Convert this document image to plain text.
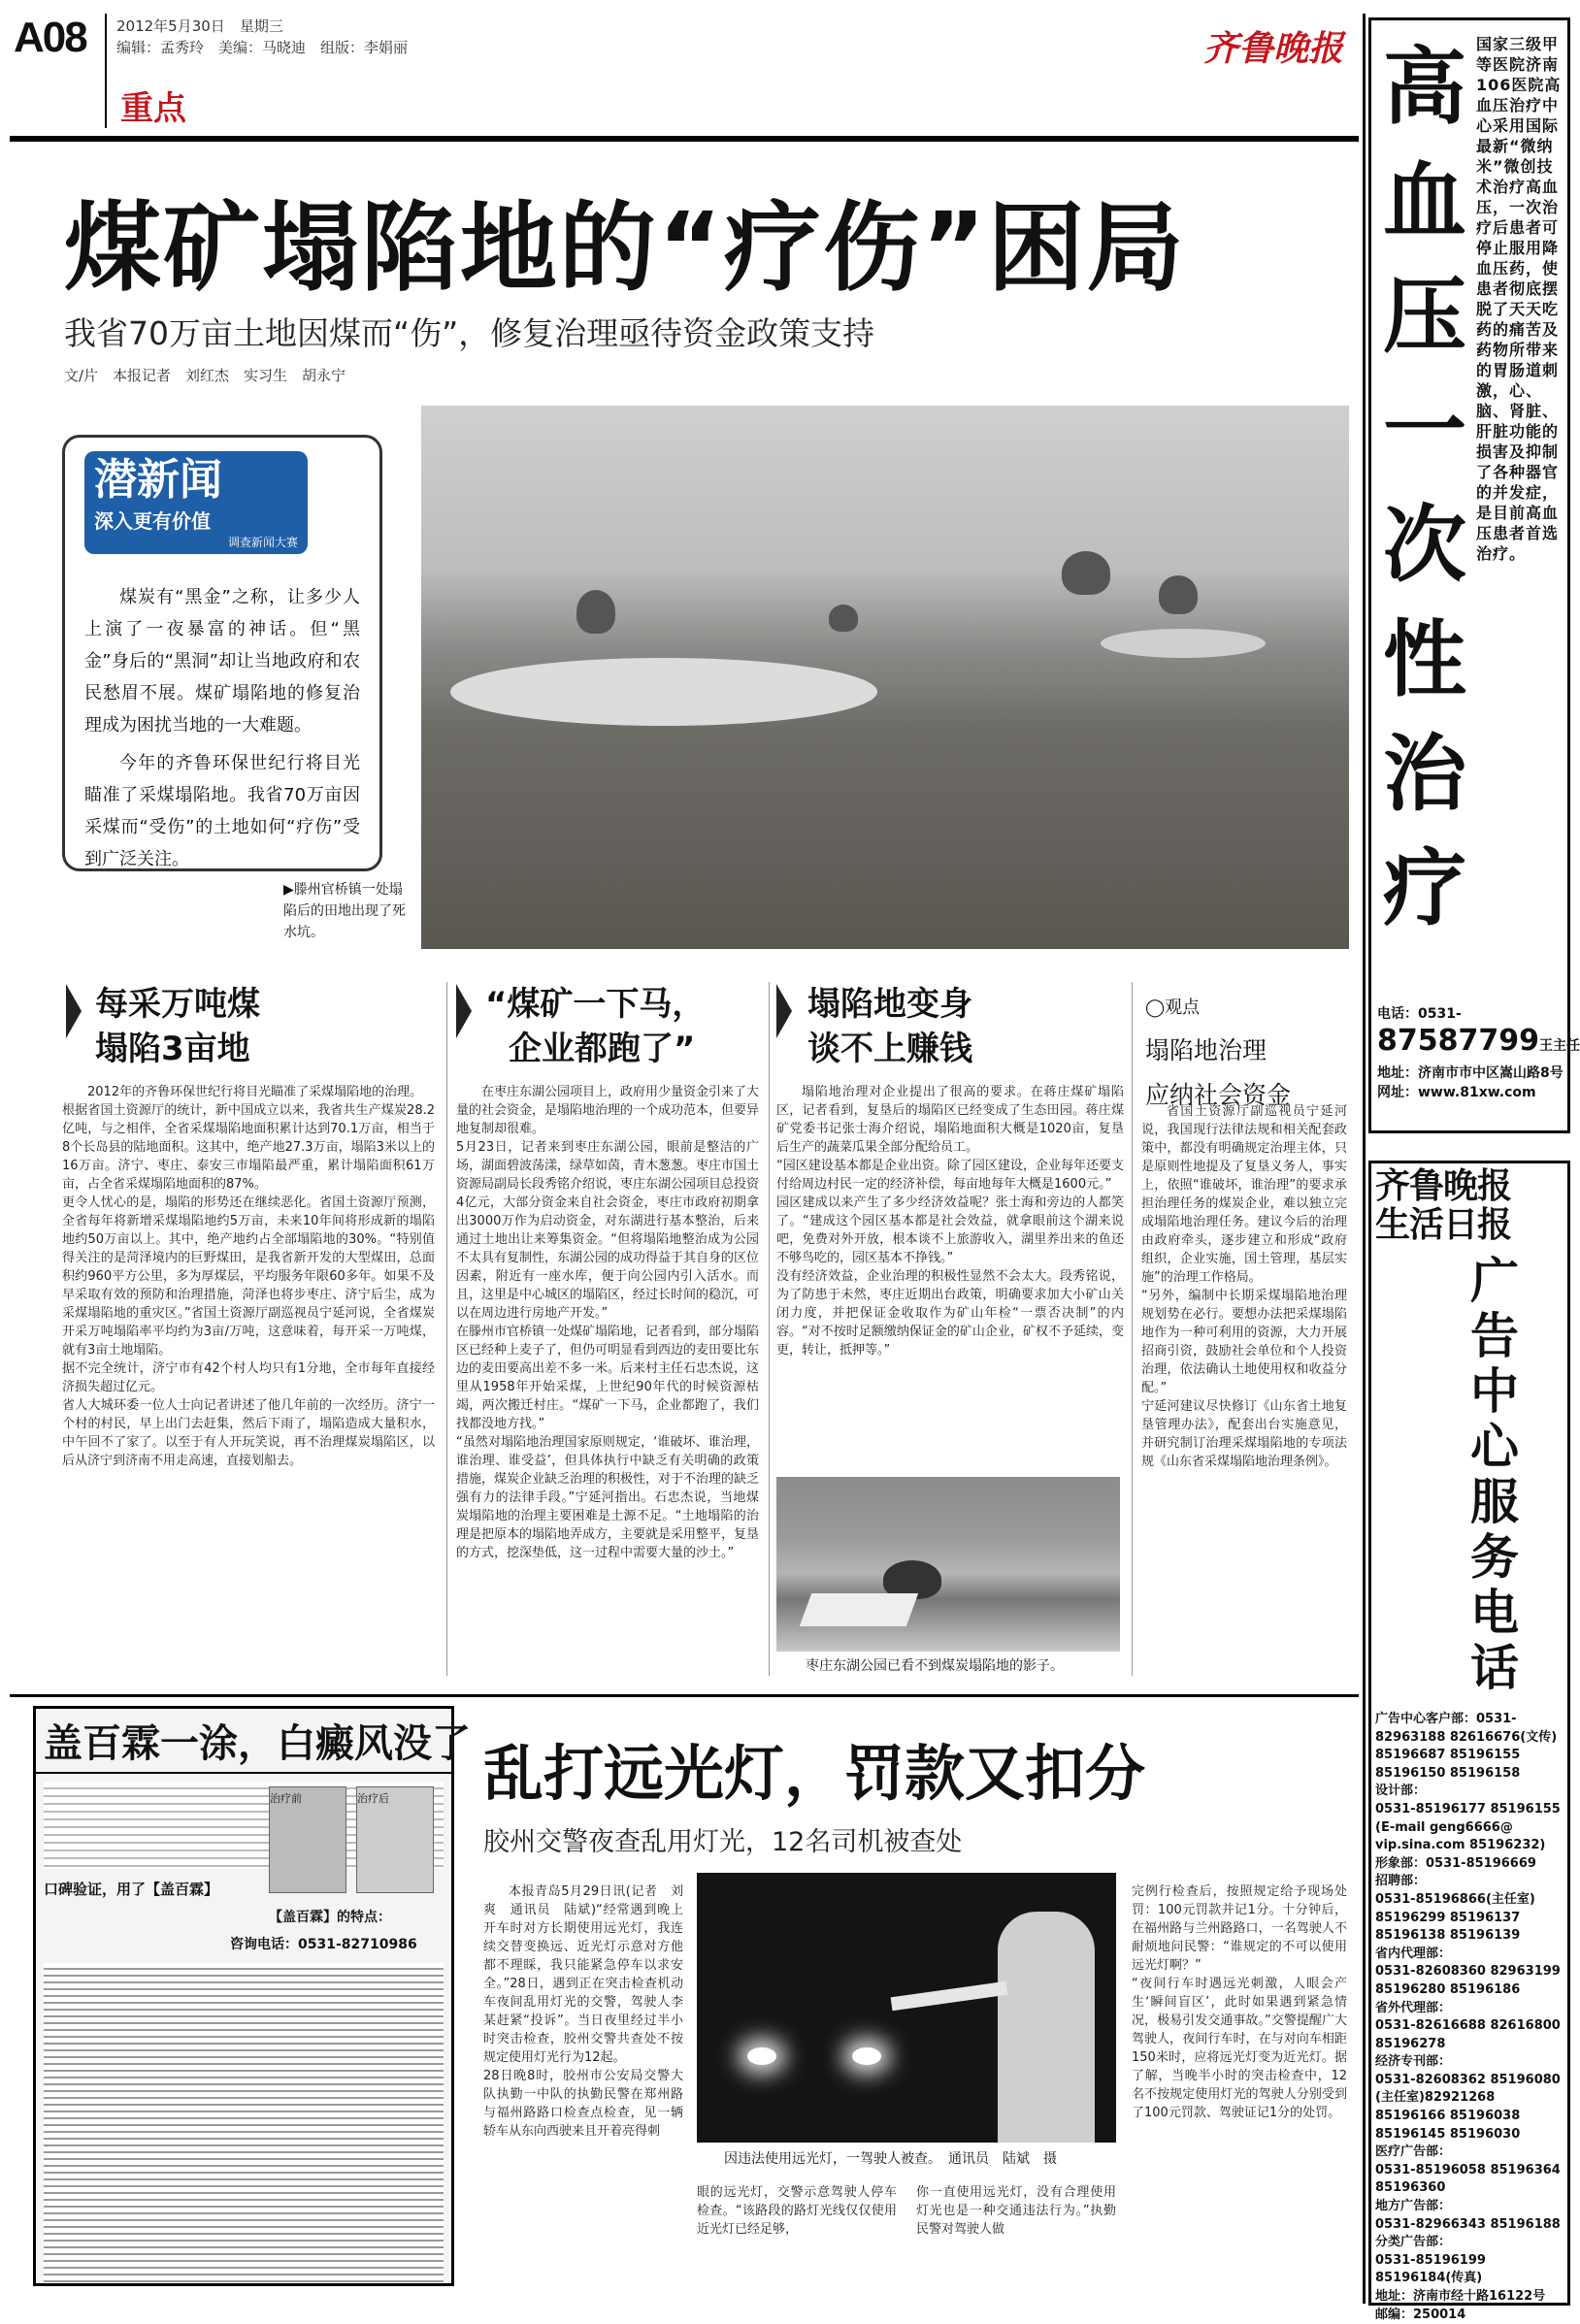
A08 2012年5月30日　 星期三
编辑：孟秀玲　美编：马晓迪　组版：李娟丽
重点
齐鲁晚报
煤矿塌陷地的“疗伤”困局
我省70万亩土地因煤而“伤”，修复治理亟待资金政策支持
文/片　本报记者　刘红杰　实习生　胡永宁
潜新闻
深入更有价值
调查新闻大赛
煤炭有“黑金”之称，让多少人上演了一夜暴富的神话。但“黑金”身后的“黑洞”却让当地政府和农民愁眉不展。煤矿塌陷地的修复治理成为困扰当地的一大难题。
今年的齐鲁环保世纪行将目光瞄准了采煤塌陷地。我省70万亩因采煤而“受伤”的土地如何“疗伤”受到广泛关注。
▶滕州官桥镇一处塌陷后的田地出现了死水坑。
每采万吨煤
塌陷3亩地
“煤矿一下马，
企业都跑了”
塌陷地变身
谈不上赚钱
◯观点
塌陷地治理
应纳社会资金
2012年的齐鲁环保世纪行将目光瞄准了采煤塌陷地的治理。
根据省国土资源厅的统计，新中国成立以来，我省共生产煤炭28.2亿吨，与之相伴，全省采煤塌陷地面积累计达到70.1万亩，相当于8个长岛县的陆地面积。这其中，绝产地27.3万亩，塌陷3米以上的16万亩。济宁、枣庄、泰安三市塌陷最严重，累计塌陷面积61万亩，占全省采煤塌陷地面积的87%。
更令人忧心的是，塌陷的形势还在继续恶化。省国土资源厅预测，全省每年将新增采煤塌陷地约5万亩，未来10年间将形成新的塌陷地约50万亩以上。其中，绝产地约占全部塌陷地的30%。“特别值得关注的是菏泽境内的巨野煤田，是我省新开发的大型煤田，总面积约960平方公里，多为厚煤层，平均服务年限60多年。如果不及早采取有效的预防和治理措施，菏泽也将步枣庄、济宁后尘，成为采煤塌陷地的重灾区。”省国土资源厅副巡视员宁延河说，全省煤炭开采万吨塌陷率平均约为3亩/万吨，这意味着，每开采一万吨煤，就有3亩土地塌陷。
据不完全统计，济宁市有42个村人均只有1分地，全市每年直接经济损失超过亿元。
省人大城环委一位人士向记者讲述了他几年前的一次经历。济宁一个村的村民，早上出门去赶集，然后下雨了，塌陷造成大量积水，中午回不了家了。以至于有人开玩笑说，再不治理煤炭塌陷区，以后从济宁到济南不用走高速，直接划船去。
在枣庄东湖公园项目上，政府用少量资金引来了大量的社会资金，是塌陷地治理的一个成功范本，但要异地复制却很难。
5月23日，记者来到枣庄东湖公园，眼前是整洁的广场，湖面碧波荡漾，绿草如茵，青木葱葱。枣庄市国土资源局副局长段秀铭介绍说，枣庄东湖公园项目总投资4亿元，大部分资金来自社会资金，枣庄市政府初期拿出3000万作为启动资金，对东湖进行基本整治，后来通过土地出让来筹集资金。“但将塌陷地整治成为公园不太具有复制性，东湖公园的成功得益于其自身的区位因素，附近有一座水库，便于向公园内引入活水。而且，这里是中心城区的塌陷区，经过长时间的稳沉，可以在周边进行房地产开发。”
在滕州市官桥镇一处煤矿塌陷地，记者看到，部分塌陷区已经种上麦子了，但仍可明显看到西边的麦田要比东边的麦田要高出差不多一米。后来村主任石忠杰说，这里从1958年开始采煤，上世纪90年代的时候资源枯竭，两次搬迁村庄。“煤矿一下马，企业都跑了，我们找都没地方找。”
“虽然对塌陷地治理国家原则规定，‘谁破坏、谁治理，谁治理、谁受益’，但具体执行中缺乏有关明确的政策措施，煤炭企业缺乏治理的积极性，对于不治理的缺乏强有力的法律手段。”宁延河指出。石忠杰说，当地煤炭塌陷地的治理主要困难是土源不足。“土地塌陷的治理是把原本的塌陷地弄成方，主要就是采用整平，复垦的方式，挖深垫低，这一过程中需要大量的沙土。”
塌陷地治理对企业提出了很高的要求。在蒋庄煤矿塌陷区，记者看到，复垦后的塌陷区已经变成了生态田园。蒋庄煤矿党委书记张士海介绍说，塌陷地面积大概是1020亩，复垦后生产的蔬菜瓜果全部分配给员工。
“园区建设基本都是企业出资。除了园区建设，企业每年还要支付给周边村民一定的经济补偿，每亩地每年大概是1600元。”
园区建成以来产生了多少经济效益呢？张士海和旁边的人都笑了。“建成这个园区基本都是社会效益，就拿眼前这个湖来说吧，免费对外开放，根本谈不上旅游收入，湖里养出来的鱼还不够鸟吃的，园区基本不挣钱。”
没有经济效益，企业治理的积极性显然不会太大。段秀铭说，为了防患于未然，枣庄近期出台政策，明确要求加大小矿山关闭力度，并把保证金收取作为矿山年检“一票否决制”的内容。“对不按时足额缴纳保证金的矿山企业，矿权不予延续，变更，转让，抵押等。”
省国土资源厅副巡视员宁延河说，我国现行法律法规和相关配套政策中，都没有明确规定治理主体，只是原则性地提及了复垦义务人，事实上，依照“谁破坏，谁治理”的要求承担治理任务的煤炭企业，难以独立完成塌陷地治理任务。建议今后的治理由政府牵头，逐步建立和形成“政府组织，企业实施，国土管理，基层实施”的治理工作格局。
“另外，编制中长期采煤塌陷地治理规划势在必行。要想办法把采煤塌陷地作为一种可利用的资源，大力开展招商引资，鼓励社会单位和个人投资治理，依法确认土地使用权和收益分配。”
宁延河建议尽快修订《山东省土地复垦管理办法》，配套出台实施意见，并研究制订治理采煤塌陷地的专项法规《山东省采煤塌陷地治理条例》。
枣庄东湖公园已看不到煤炭塌陷地的影子。
盖百霖一涂，白癜风没了
治疗前	治疗后
口碑验证，用了【盖百霖】
【盖百霖】的特点：
咨询电话：0531-82710986
乱打远光灯，罚款又扣分
胶州交警夜查乱用灯光，12名司机被查处
本报青岛5月29日讯(记者　刘爽　通讯员　陆斌)“经常遇到晚上开车时对方长期使用远光灯，我连续交替变换远、近光灯示意对方他都不理睬，我只能紧急停车以求安全。”28日，遇到正在突击检查机动车夜间乱用灯光的交警，驾驶人李某赶紧“投诉”。当日夜里经过半小时突击检查，胶州交警共查处不按规定使用灯光行为12起。
28日晚8时，胶州市公安局交警大队执勤一中队的执勤民警在郑州路与福州路路口检查点检查，见一辆轿车从东向西驶来且开着亮得刺
因违法使用远光灯，一驾驶人被查。　通讯员　陆斌　摄
眼的远光灯，交警示意驾驶人停车检查。“该路段的路灯光线仅仅使用近光灯已经足够，
你一直使用远光灯，没有合理使用灯光也是一种交通违法行为。”执勤民警对驾驶人做
完例行检查后，按照规定给予现场处罚：100元罚款并记1分。十分钟后，在福州路与兰州路路口，一名驾驶人不耐烦地问民警：“谁规定的不可以使用远光灯啊？”
“夜间行车时遇远光刺激，人眼会产生‘瞬间盲区’，此时如果遇到紧急情况，极易引发交通事故。”交警提醒广大驾驶人，夜间行车时，在与对向车相距150米时，应将远光灯变为近光灯。据了解，当晚半小时的突击检查中，12名不按规定使用灯光的驾驶人分别受到了100元罚款、驾驶证记1分的处罚。
高
血
压
一
次
性
治
疗
国家三级甲等医院济南106医院高血压治疗中心采用国际最新“微纳米”微创技术治疗高血压，一次治疗后患者可停止服用降血压药，使患者彻底摆脱了天天吃药的痛苦及药物所带来的胃肠道刺激，心、脑、肾脏、肝脏功能的损害及抑制了各种器官的并发症，是目前高血压患者首选治疗。
电话：0531-
87587799王主任
地址：济南市市中区嵩山路8号
网址：www.81xw.com
齐鲁晚报
生活日报
广
告
中
心
服
务
电
话
广告中心客户部：0531-
82963188 82616676(文传)
85196687 85196155
85196150 85196158
设计部：
0531-85196177 85196155
(E-mail geng6666@
vip.sina.com 85196232)
形象部：0531-85196669
招聘部：
0531-85196866(主任室)
85196299 85196137
85196138 85196139
省内代理部：
0531-82608360 82963199
85196280 85196186
省外代理部：
0531-82616688 82616800
85196278
经济专刊部：
0531-82608362 85196080
(主任室)82921268
85196166 85196038
85196145 85196030
医疗广告部：
0531-85196058 85196364
85196360
地方广告部：
0531-82966343 85196188
分类广告部：
0531-85196199
85196184(传真)
地址：济南市经十路16122号
邮编：250014
